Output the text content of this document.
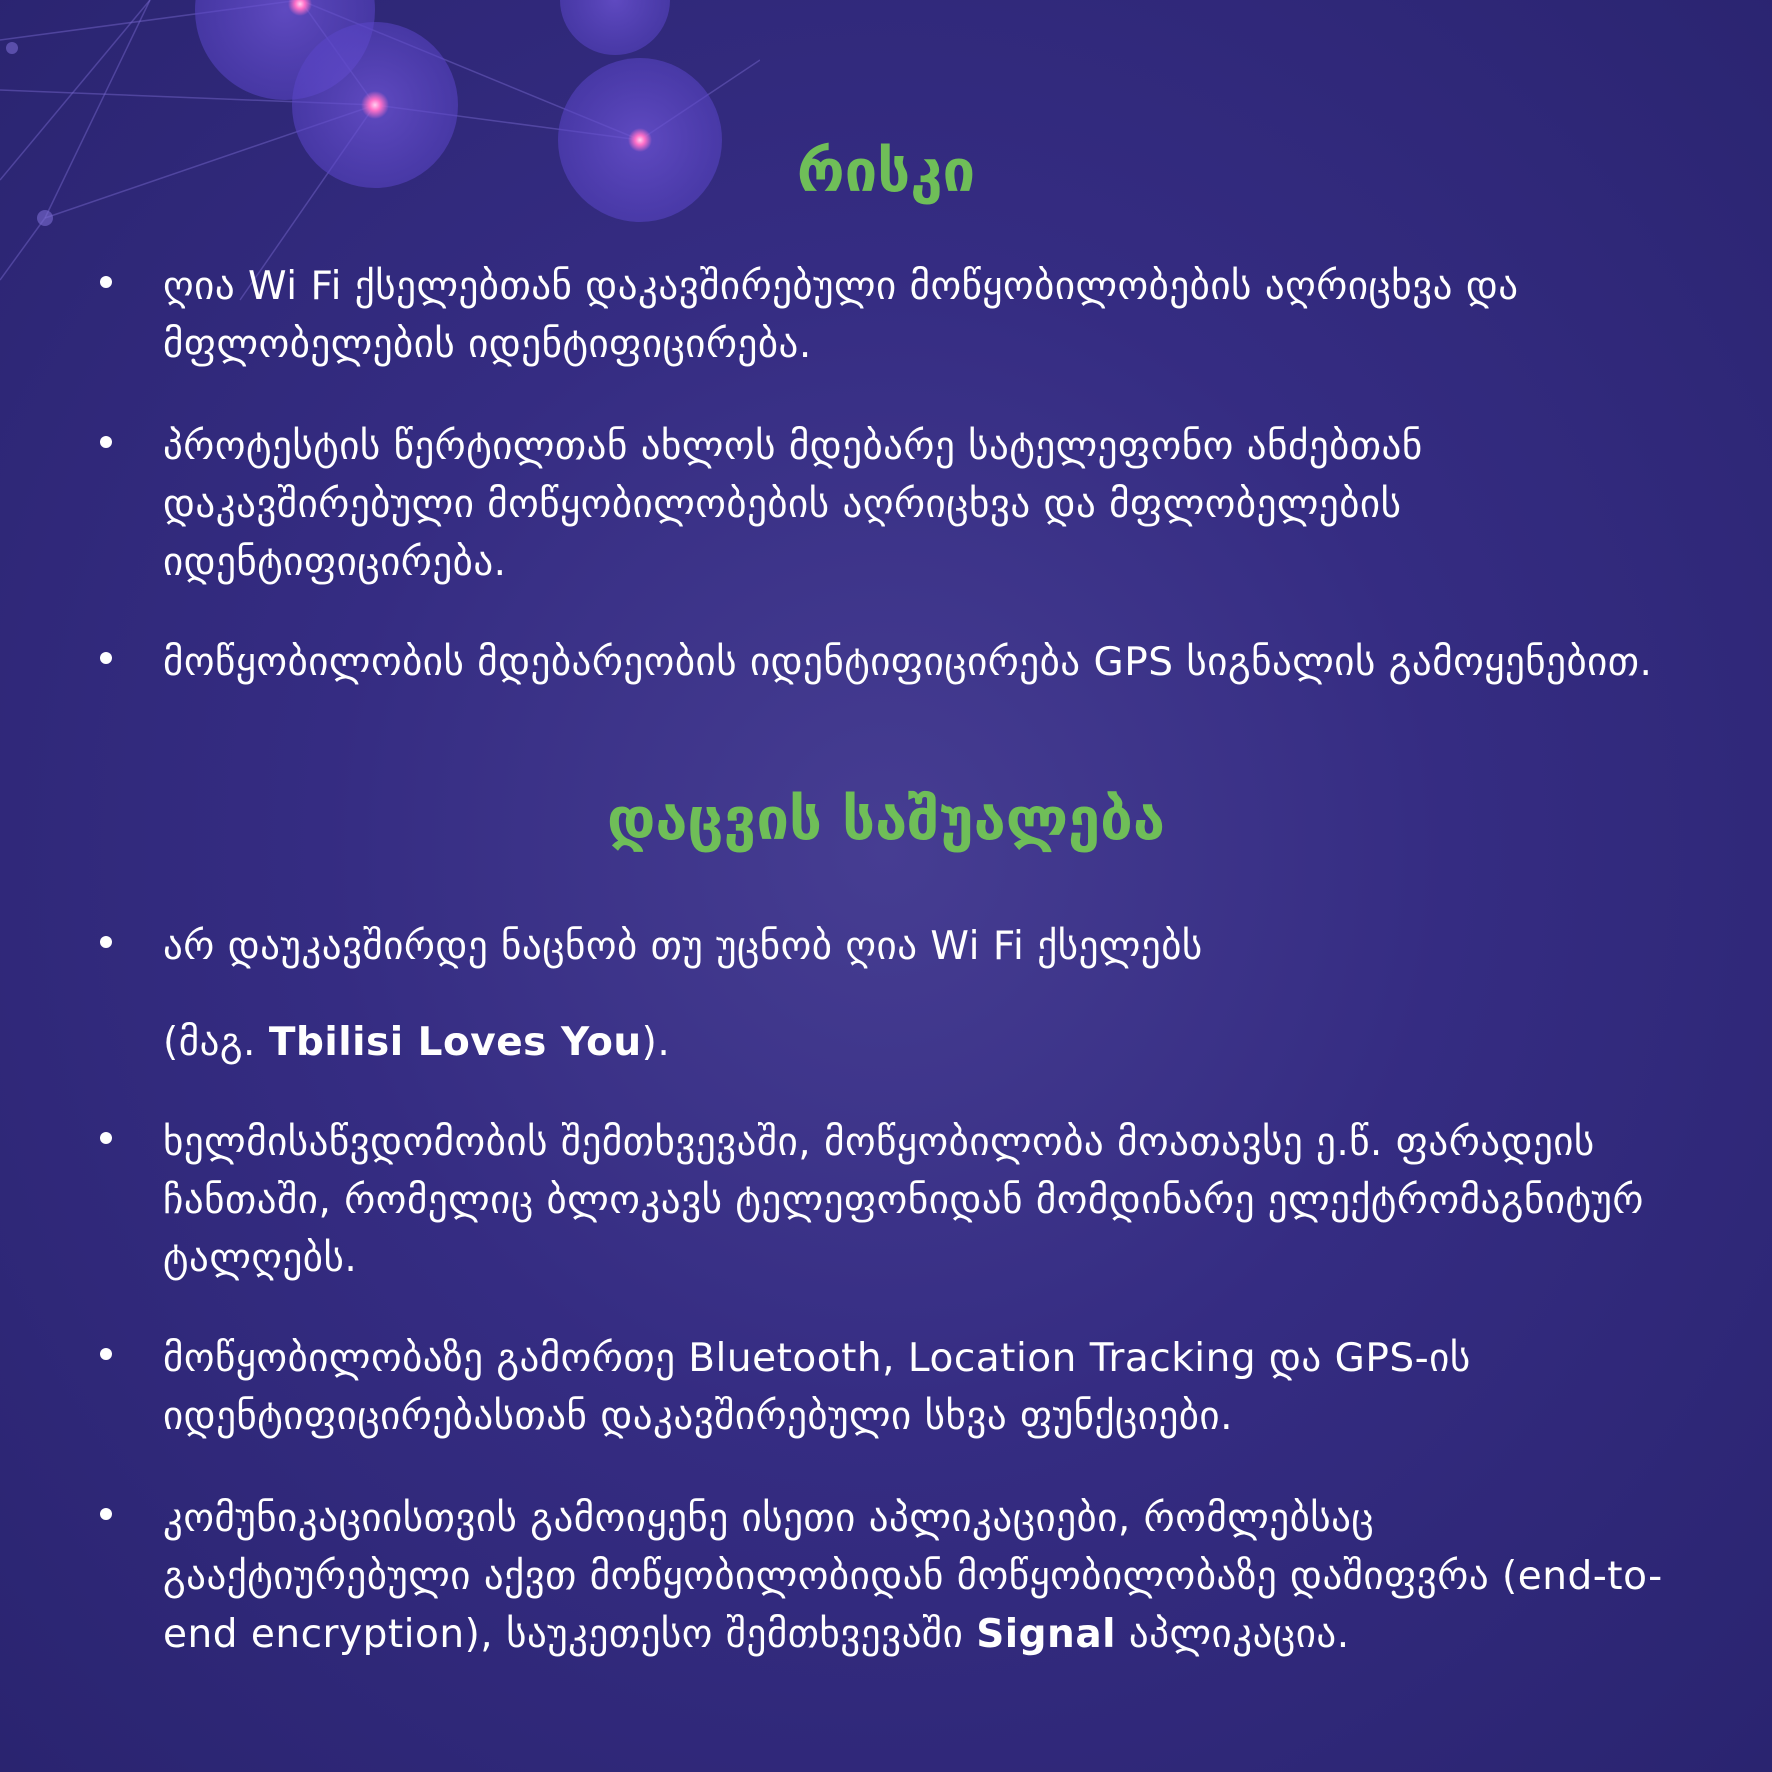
რისკი
ღია Wi Fi ქსელებთან დაკავშირებული მოწყობილობების აღრიცხვა და მფლობელების იდენტიფიცირება.
პროტესტის წერტილთან ახლოს მდებარე სატელეფონო ანძებთან დაკავშირებული მოწყობილობების აღრიცხვა და მფლობელების იდენტიფიცირება.
მოწყობილობის მდებარეობის იდენტიფიცირება GPS სიგნალის გამოყენებით.
დაცვის საშუალება
არ დაუკავშირდე ნაცნობ თუ უცნობ ღია Wi Fi ქსელებს
(მაგ. Tbilisi Loves You).
ხელმისაწვდომობის შემთხვევაში, მოწყობილობა მოათავსე ე.წ. ფარადეის ჩანთაში, რომელიც ბლოკავს ტელეფონიდან მომდინარე ელექტრომაგნიტურ ტალღებს.
მოწყობილობაზე გამორთე Bluetooth, Location Tracking და GPS-ის იდენტიფიცირებასთან დაკავშირებული სხვა ფუნქციები.
კომუნიკაციისთვის გამოიყენე ისეთი აპლიკაციები, რომლებსაც გააქტიურებული აქვთ მოწყობილობიდან მოწყობილობაზე დაშიფვრა (end-to-end encryption), საუკეთესო შემთხვევაში Signal აპლიკაცია.
